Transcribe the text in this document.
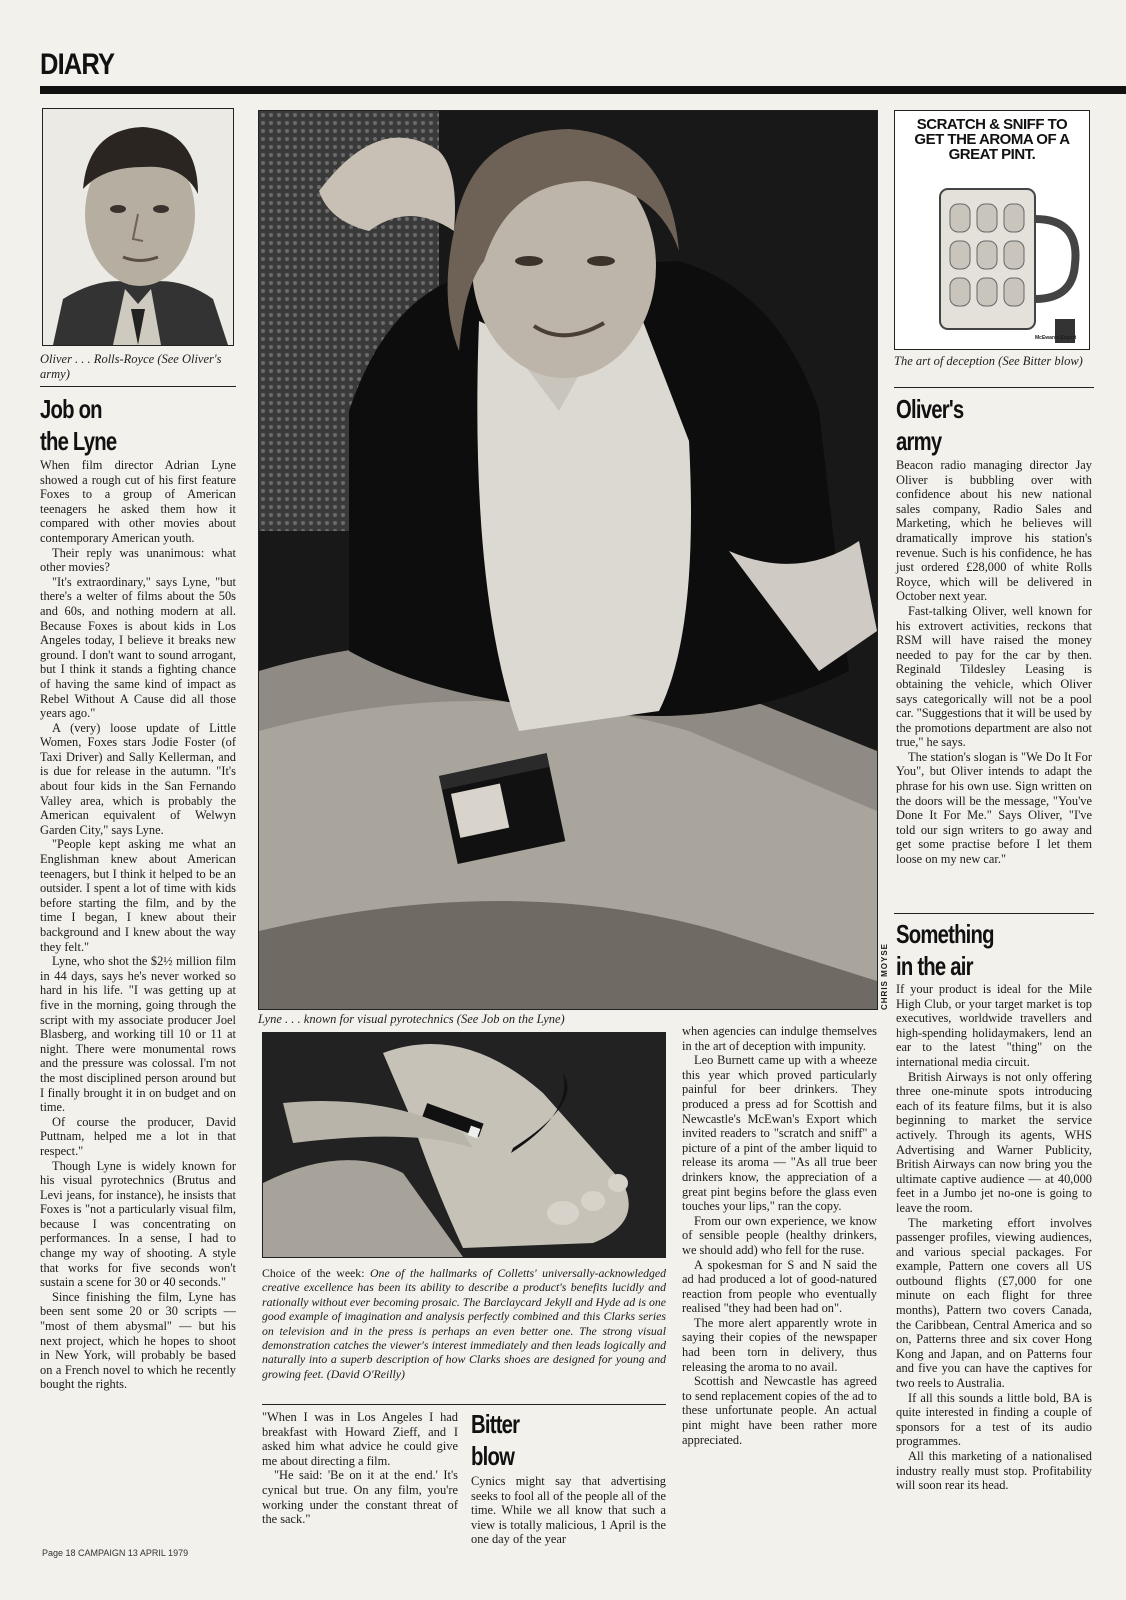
DIARY
Oliver . . . Rolls-Royce (See Oliver's army)
Job on
the Lyne

When film director Adrian Lyne showed a rough cut of his first feature Foxes to a group of American teenagers he asked them how it compared with other movies about contemporary American youth.

Their reply was unanimous: what other movies?

"It's extraordinary," says Lyne, "but there's a welter of films about the 50s and 60s, and nothing modern at all. Because Foxes is about kids in Los Angeles today, I believe it breaks new ground. I don't want to sound arrogant, but I think it stands a fighting chance of having the same kind of impact as Rebel Without A Cause did all those years ago."

A (very) loose update of Little Women, Foxes stars Jodie Foster (of Taxi Driver) and Sally Kellerman, and is due for release in the autumn. "It's about four kids in the San Fernando Valley area, which is probably the American equivalent of Welwyn Garden City," says Lyne.

"People kept asking me what an Englishman knew about American teenagers, but I think it helped to be an outsider. I spent a lot of time with kids before starting the film, and by the time I began, I knew about their background and I knew about the way they felt."

Lyne, who shot the $2½ million film in 44 days, says he's never worked so hard in his life. "I was getting up at five in the morning, going through the script with my associate producer Joel Blasberg, and working till 10 or 11 at night. There were monumental rows and the pressure was colossal. I'm not the most disciplined person around but I finally brought it in on budget and on time.

Of course the producer, David Puttnam, helped me a lot in that respect."

Though Lyne is widely known for his visual pyrotechnics (Brutus and Levi jeans, for instance), he insists that Foxes is "not a particularly visual film, because I was concentrating on performances. In a sense, I had to change my way of shooting. A style that works for five seconds won't sustain a scene for 30 or 40 seconds."

Since finishing the film, Lyne has been sent some 20 or 30 scripts — "most of them abysmal" — but his next project, which he hopes to shoot in New York, will probably be based on a French novel to which he recently bought the rights.

Page 18 CAMPAIGN 13 APRIL 1979
CHRIS MOYSE
Lyne . . . known for visual pyrotechnics (See Job on the Lyne)
Choice of the week: One of the hallmarks of Colletts' universally-acknowledged creative excellence has been its ability to describe a product's benefits lucidly and rationally without ever becoming prosaic. The Barclaycard Jekyll and Hyde ad is one good example of imagination and analysis perfectly combined and this Clarks series on television and in the press is perhaps an even better one. The strong visual demonstration catches the viewer's interest immediately and then leads logically and naturally into a superb description of how Clarks shoes are designed for young and growing feet. (David O'Reilly)

"When I was in Los Angeles I had breakfast with Howard Zieff, and I asked him what advice he could give me about directing a film.

"He said: 'Be on it at the end.' It's cynical but true. On any film, you're working under the constant threat of the sack."

Bitter
blow

Cynics might say that advertising seeks to fool all of the people all of the time. While we all know that such a view is totally malicious, 1 April is the one day of the year

when agencies can indulge themselves in the art of deception with impunity.

Leo Burnett came up with a wheeze this year which proved particularly painful for beer drinkers. They produced a press ad for Scottish and Newcastle's McEwan's Export which invited readers to "scratch and sniff" a picture of a pint of the amber liquid to release its aroma — "As all true beer drinkers know, the appreciation of a great pint begins before the glass even touches your lips," ran the copy.

From our own experience, we know of sensible people (healthy drinkers, we should add) who fell for the ruse.

A spokesman for S and N said the ad had produced a lot of good-natured reaction from people who eventually realised "they had been had on".

The more alert apparently wrote in saying their copies of the newspaper had been torn in delivery, thus releasing the aroma to no avail.

Scottish and Newcastle has agreed to send replacement copies of the ad to these unfortunate people. An actual pint might have been rather more appreciated.

SCRATCH & SNIFF TO GET THE AROMA OF A GREAT PINT.
McEwan's Export
The art of deception (See Bitter blow)
Oliver's
army

Beacon radio managing director Jay Oliver is bubbling over with confidence about his new national sales company, Radio Sales and Marketing, which he believes will dramatically improve his station's revenue. Such is his confidence, he has just ordered £28,000 of white Rolls Royce, which will be delivered in October next year.

Fast-talking Oliver, well known for his extrovert activities, reckons that RSM will have raised the money needed to pay for the car by then. Reginald Tildesley Leasing is obtaining the vehicle, which Oliver says categorically will not be a pool car. "Suggestions that it will be used by the promotions department are also not true," he says.

The station's slogan is "We Do It For You", but Oliver intends to adapt the phrase for his own use. Sign written on the doors will be the message, "You've Done It For Me." Says Oliver, "I've told our sign writers to go away and get some practise before I let them loose on my new car."

Something
in the air

If your product is ideal for the Mile High Club, or your target market is top executives, worldwide travellers and high-spending holidaymakers, lend an ear to the latest "thing" on the international media circuit.

British Airways is not only offering three one-minute spots introducing each of its feature films, but it is also beginning to market the service actively. Through its agents, WHS Advertising and Warner Publicity, British Airways can now bring you the ultimate captive audience — at 40,000 feet in a Jumbo jet no-one is going to leave the room.

The marketing effort involves passenger profiles, viewing audiences, and various special packages. For example, Pattern one covers all US outbound flights (£7,000 for one minute on each flight for three months), Pattern two covers Canada, the Caribbean, Central America and so on, Patterns three and six cover Hong Kong and Japan, and on Patterns four and five you can have the captives for two reels to Australia.

If all this sounds a little bold, BA is quite interested in finding a couple of sponsors for a test of its audio programmes.

All this marketing of a nationalised industry really must stop. Profitability will soon rear its head.
